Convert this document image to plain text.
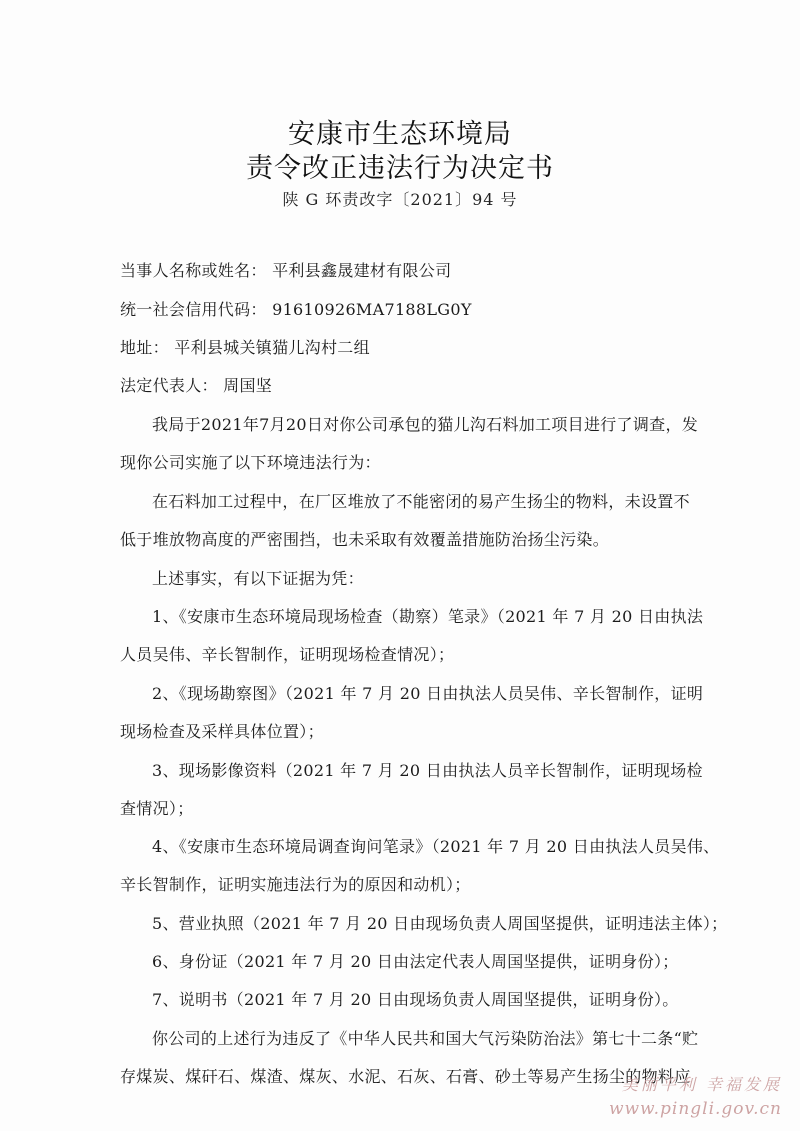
安康市生态环境局
责令改正违法行为决定书
陕 G 环责改字〔2021〕94 号
当事人名称或姓名： 平利县鑫晟建材有限公司
统一社会信用代码： 91610926MA7188LG0Y
地址： 平利县城关镇猫儿沟村二组
法定代表人： 周国坚
我局于2021年7月20日对你公司承包的猫儿沟石料加工项目进行了调查，发
现你公司实施了以下环境违法行为：
在石料加工过程中，在厂区堆放了不能密闭的易产生扬尘的物料，未设置不
低于堆放物高度的严密围挡，也未采取有效覆盖措施防治扬尘污染。
上述事实，有以下证据为凭：
1、《安康市生态环境局现场检查（勘察）笔录》（2021 年 7 月 20 日由执法
人员吴伟、辛长智制作，证明现场检查情况）；
2、《现场勘察图》（2021 年 7 月 20 日由执法人员吴伟、辛长智制作，证明
现场检查及采样具体位置）；
3、现场影像资料（2021 年 7 月 20 日由执法人员辛长智制作，证明现场检
查情况）；
4、《安康市生态环境局调查询问笔录》（2021 年 7 月 20 日由执法人员吴伟、
辛长智制作，证明实施违法行为的原因和动机）；
5、营业执照（2021 年 7 月 20 日由现场负责人周国坚提供，证明违法主体）；
6、身份证（2021 年 7 月 20 日由法定代表人周国坚提供，证明身份）；
7、说明书（2021 年 7 月 20 日由现场负责人周国坚提供，证明身份）。
你公司的上述行为违反了《中华人民共和国大气污染防治法》第七十二条“贮
存煤炭、煤矸石、煤渣、煤灰、水泥、石灰、石膏、砂土等易产生扬尘的物料应
美丽平利 幸福发展
www.pingli.gov.cn
